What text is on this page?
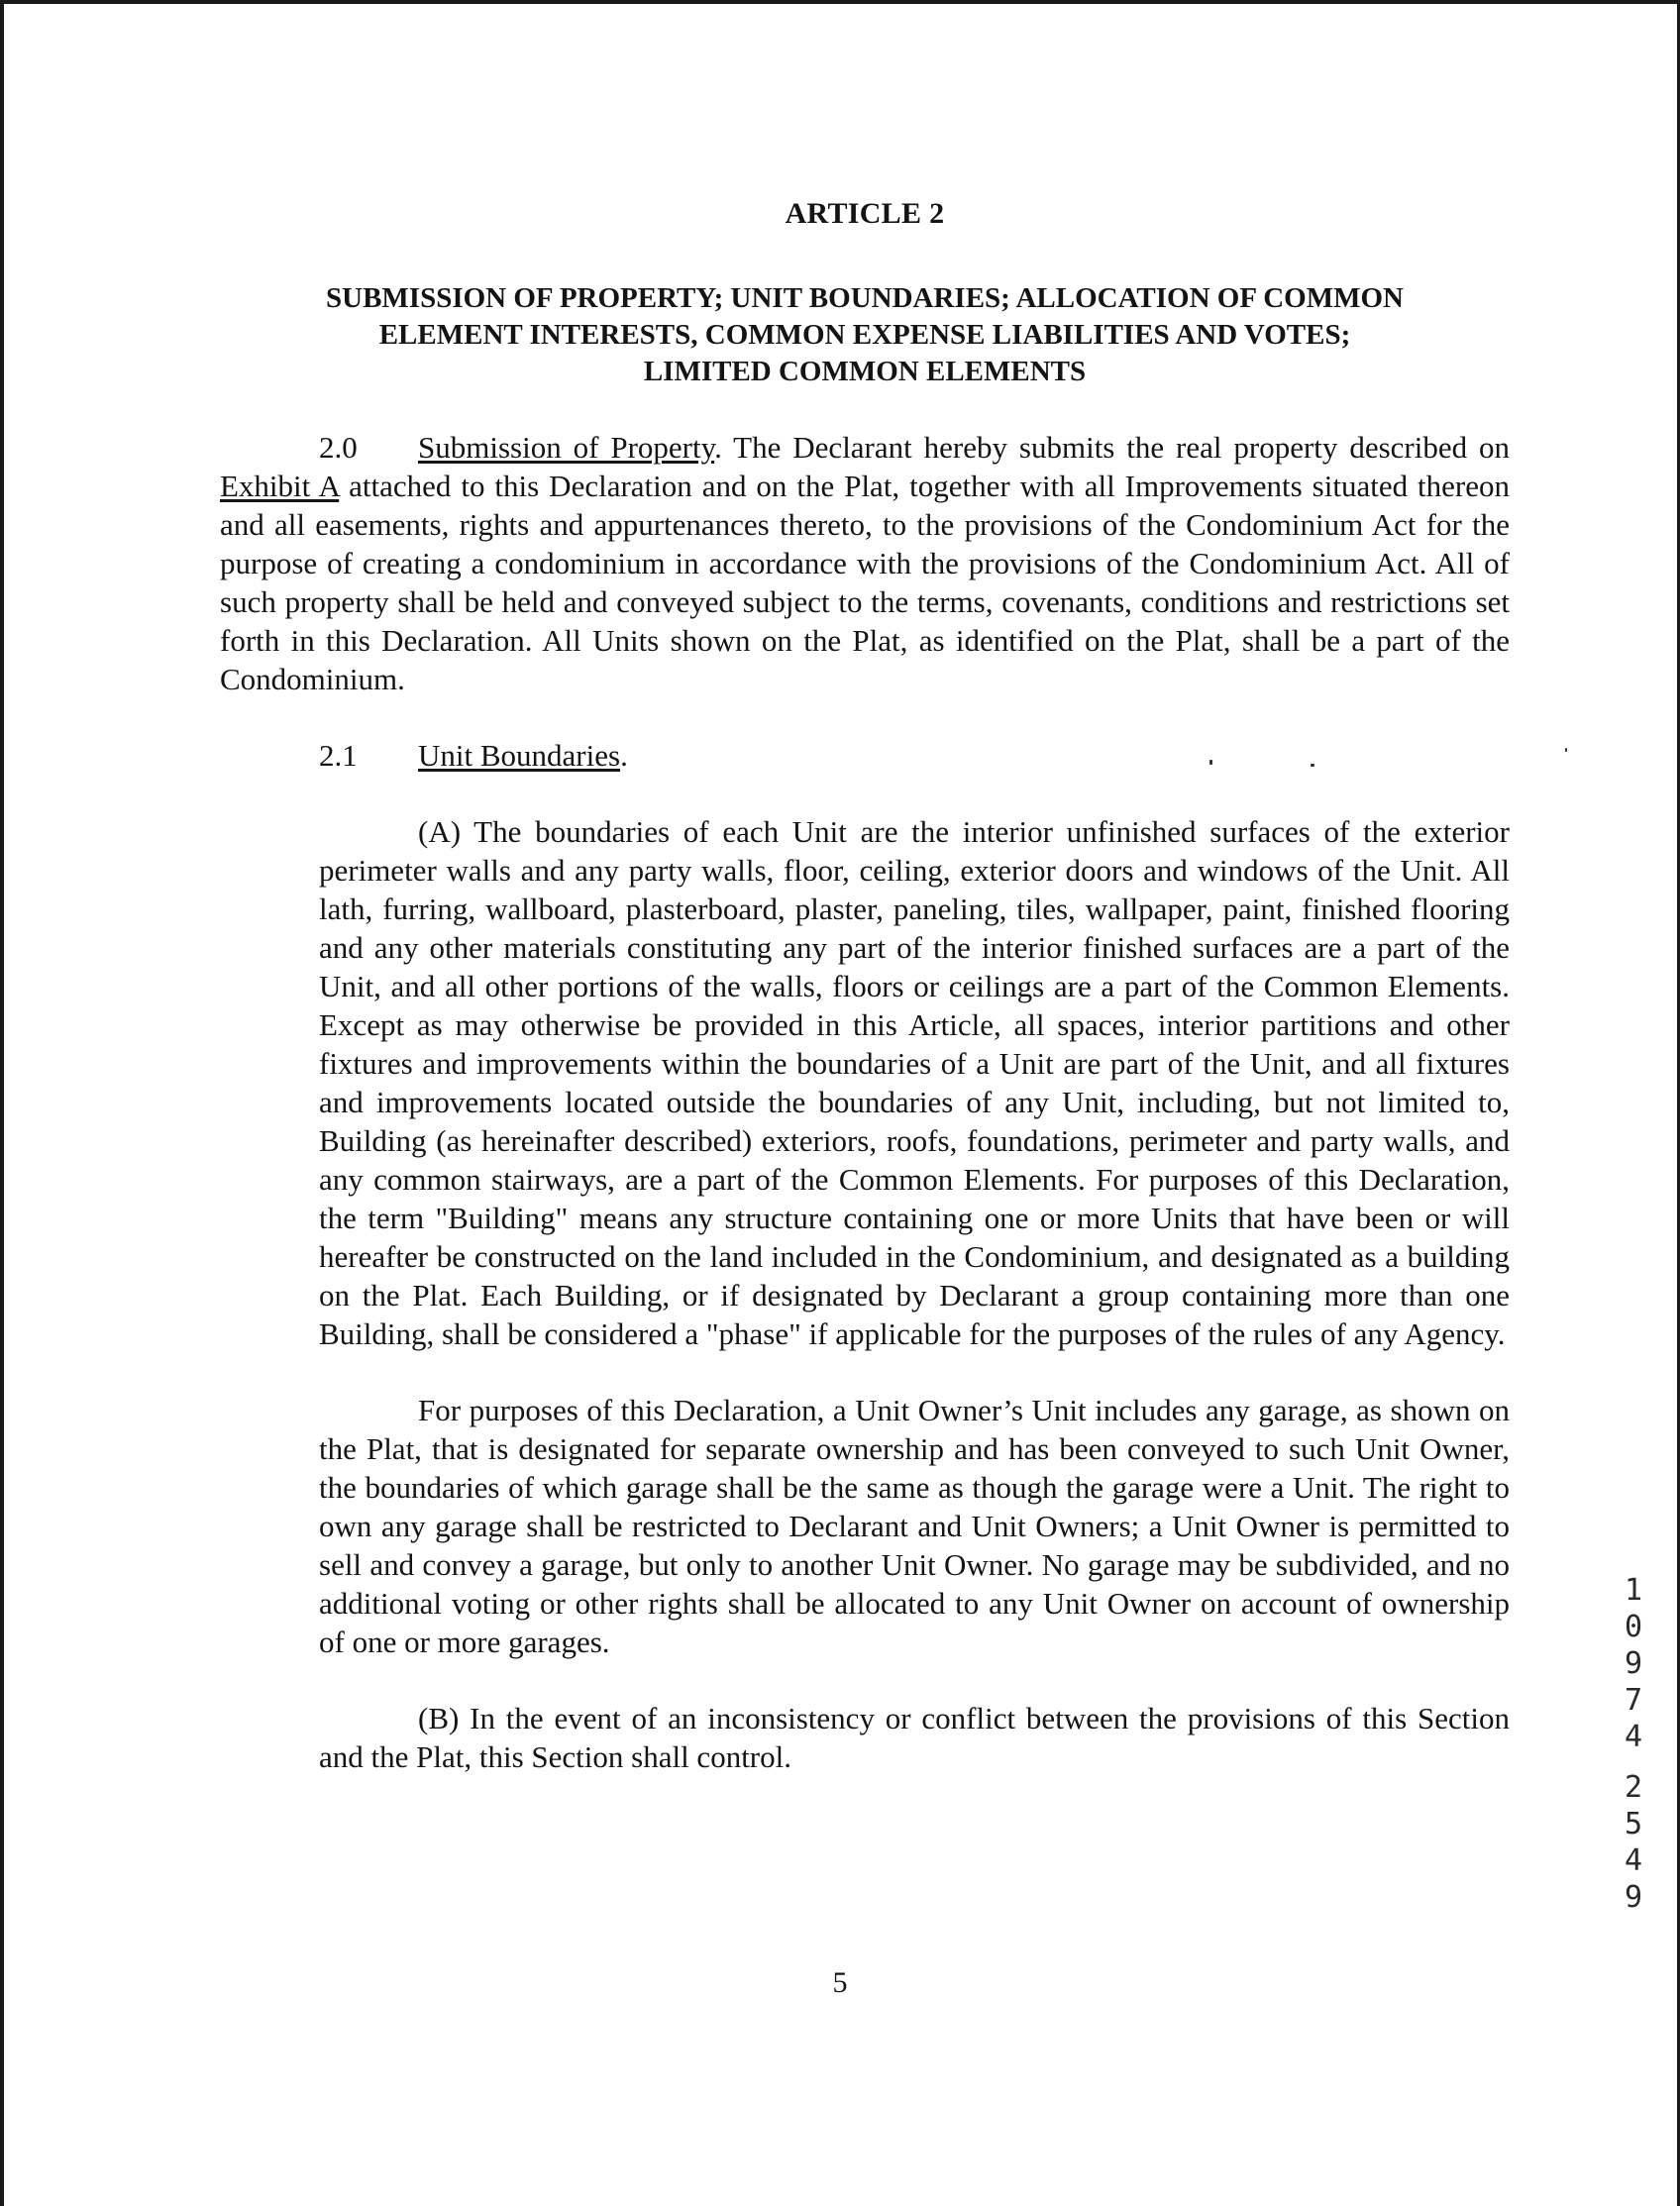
ARTICLE 2
SUBMISSION OF PROPERTY; UNIT BOUNDARIES; ALLOCATION OF COMMON
ELEMENT INTERESTS, COMMON EXPENSE LIABILITIES AND VOTES;
LIMITED COMMON ELEMENTS

2.0 Submission of Property. The Declarant hereby submits the real property described on Exhibit A attached to this Declaration and on the Plat, together with all Improvements situated thereon and all easements, rights and appurtenances thereto, to the provisions of the Condominium Act for the purpose of creating a condominium in accordance with the provisions of the Condominium Act. All of such property shall be held and conveyed subject to the terms, covenants, conditions and restrictions set forth in this Declaration. All Units shown on the Plat, as identified on the Plat, shall be a part of the Condominium.

2.1 Unit Boundaries.

(A) The boundaries of each Unit are the interior unfinished surfaces of the exterior perimeter walls and any party walls, floor, ceiling, exterior doors and windows of the Unit. All lath, furring, wallboard, plasterboard, plaster, paneling, tiles, wallpaper, paint, finished flooring and any other materials constituting any part of the interior finished surfaces are a part of the Unit, and all other portions of the walls, floors or ceilings are a part of the Common Elements. Except as may otherwise be provided in this Article, all spaces, interior partitions and other fixtures and improvements within the boundaries of a Unit are part of the Unit, and all fixtures and improvements located outside the boundaries of any Unit, including, but not limited to, Building (as hereinafter described) exteriors, roofs, foundations, perimeter and party walls, and any common stairways, are a part of the Common Elements. For purposes of this Declaration, the term "Building" means any structure containing one or more Units that have been or will hereafter be constructed on the land included in the Condominium, and designated as a building on the Plat. Each Building, or if designated by Declarant a group containing more than one Building, shall be considered a "phase" if applicable for the purposes of the rules of any Agency.

For purposes of this Declaration, a Unit Owner’s Unit includes any garage, as shown on the Plat, that is designated for separate ownership and has been conveyed to such Unit Owner, the boundaries of which garage shall be the same as though the garage were a Unit. The right to own any garage shall be restricted to Declarant and Unit Owners; a Unit Owner is permitted to sell and convey a garage, but only to another Unit Owner. No garage may be subdivided, and no additional voting or other rights shall be allocated to any Unit Owner on account of ownership of one or more garages.

(B) In the event of an inconsistency or conflict between the provisions of this Section and the Plat, this Section shall control.

5
1
0
9
7
4
2
5
4
9
